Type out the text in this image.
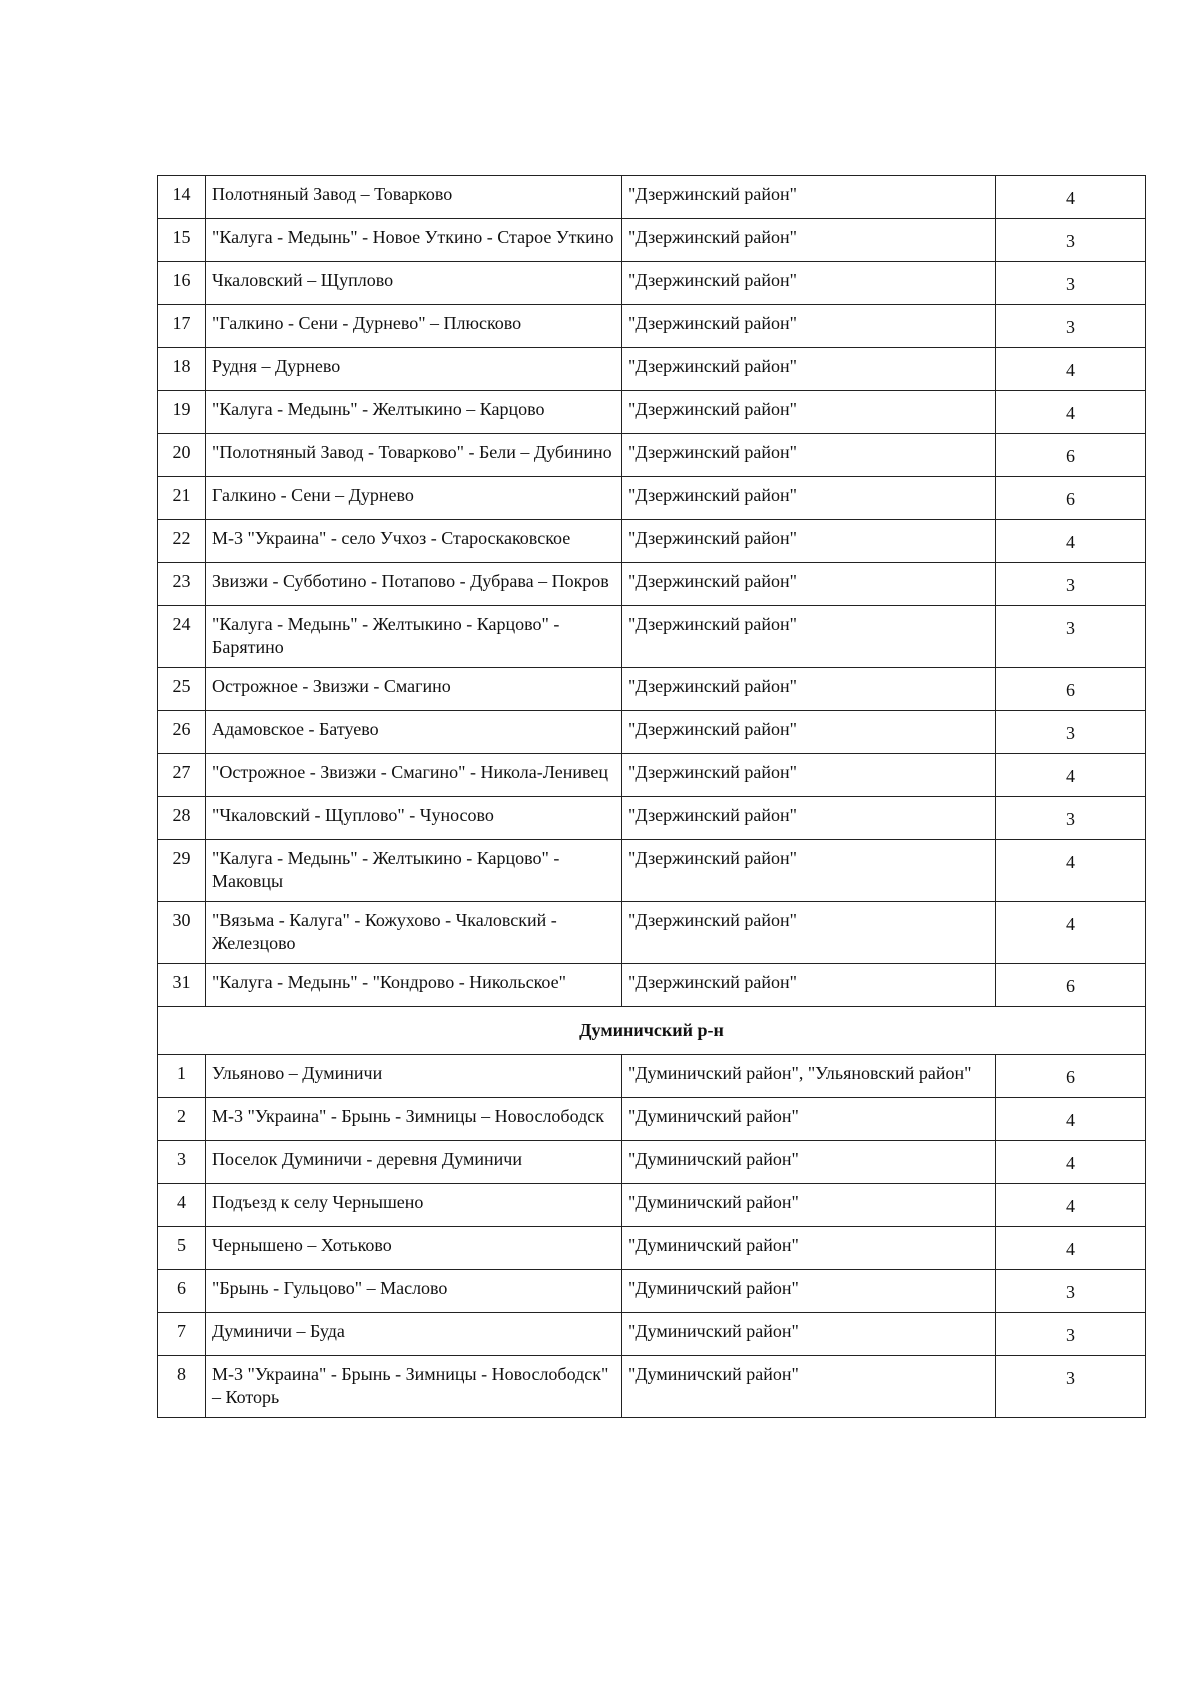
14	Полотняный Завод – Товарково	"Дзержинский район"	4
15	"Калуга - Медынь" - Новое Уткино - Старое Уткино	"Дзержинский район"	3
16	Чкаловский – Щуплово	"Дзержинский район"	3
17	"Галкино - Сени - Дурнево" – Плюсково	"Дзержинский район"	3
18	Рудня – Дурнево	"Дзержинский район"	4
19	"Калуга - Медынь" - Желтыкино – Карцово	"Дзержинский район"	4
20	"Полотняный Завод - Товарково" - Бели – Дубинино	"Дзержинский район"	6
21	Галкино - Сени – Дурнево	"Дзержинский район"	6
22	М-3 "Украина" - село Учхоз - Староскаковское	"Дзержинский район"	4
23	Звизжи - Субботино - Потапово - Дубрава – Покров	"Дзержинский район"	3
24	"Калуга - Медынь" - Желтыкино - Карцово" - Барятино	"Дзержинский район"	3
25	Острожное - Звизжи - Смагино	"Дзержинский район"	6
26	Адамовское - Батуево	"Дзержинский район"	3
27	"Острожное - Звизжи - Смагино" - Никола-Ленивец	"Дзержинский район"	4
28	"Чкаловский - Щуплово" - Чуносово	"Дзержинский район"	3
29	"Калуга - Медынь" - Желтыкино - Карцово" - Маковцы	"Дзержинский район"	4
30	"Вязьма - Калуга" - Кожухово - Чкаловский - Железцово	"Дзержинский район"	4
31	"Калуга - Медынь" - "Кондрово - Никольское"	"Дзержинский район"	6
Думиничский р-н			
1	Ульяново – Думиничи	"Думиничский район", "Ульяновский район"	6
2	М-3 "Украина" - Брынь - Зимницы – Новослободск	"Думиничский район"	4
3	Поселок Думиничи - деревня Думиничи	"Думиничский район"	4
4	Подъезд к селу Чернышено	"Думиничский район"	4
5	Чернышено – Хотьково	"Думиничский район"	4
6	"Брынь - Гульцово" – Маслово	"Думиничский район"	3
7	Думиничи – Буда	"Думиничский район"	3
8	М-3 "Украина" - Брынь - Зимницы - Новослободск" – Которь	"Думиничский район"	3
